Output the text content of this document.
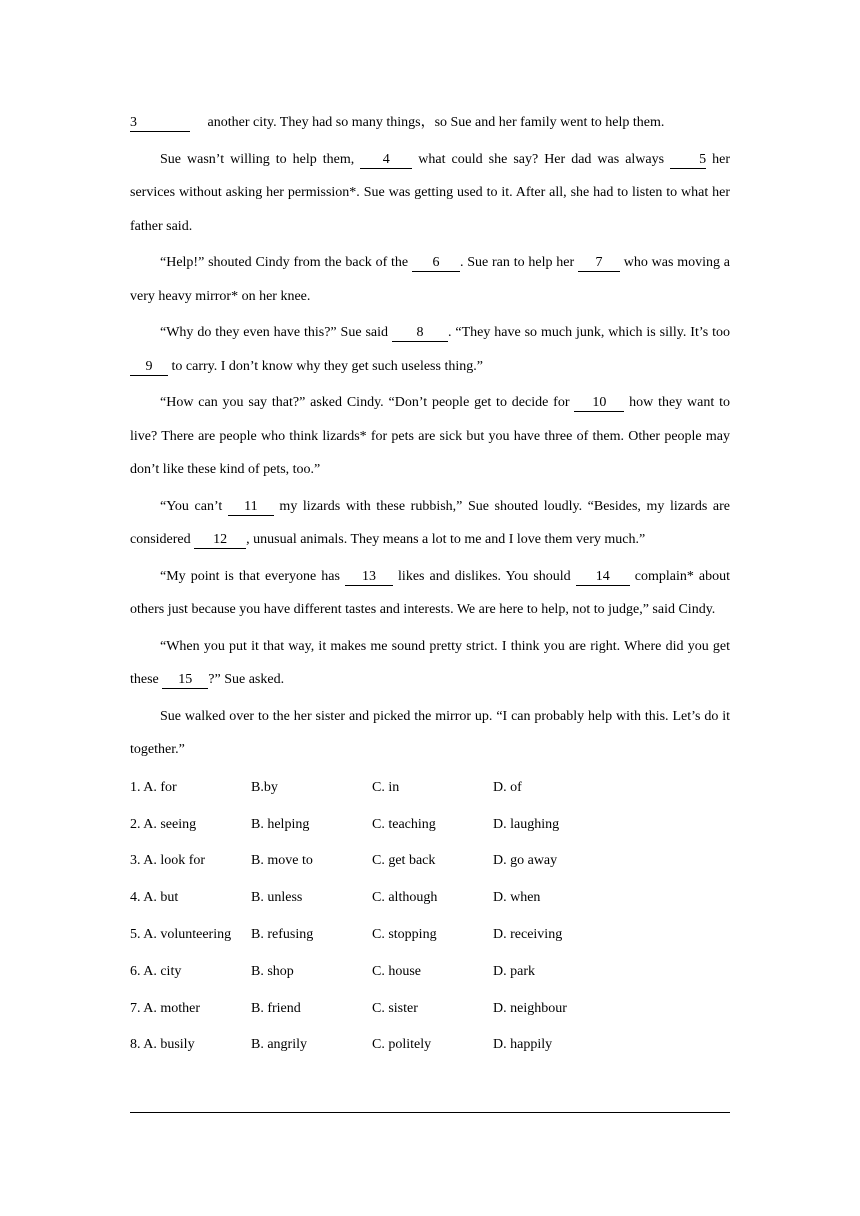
3	another city. They had so many things，so Sue and her family went to help them.

Sue wasn’t willing to help them, 4 what could she say? Her dad was always 5 her services without asking her permission*. Sue was getting used to it. After all, she had to listen to what her father said.

“Help!” shouted Cindy from the back of the 6 . Sue ran to help her 7 who was moving a very heavy mirror* on her knee.

“Why do they even have this?” Sue said 8 . “They have so much junk, which is silly. It’s too 9 to carry. I don’t know why they get such useless thing.”

“How can you say that?” asked Cindy. “Don’t people get to decide for 10 how they want to live? There are people who think lizards* for pets are sick but you have three of them. Other people may don’t like these kind of pets, too.”

“You can’t 11 my lizards with these rubbish,” Sue shouted loudly. “Besides, my lizards are considered 12 , unusual animals. They means a lot to me and I love them very much.”

“My point is that everyone has 13 likes and dislikes. You should 14 complain* about others just because you have different tastes and interests. We are here to help, not to judge,” said Cindy.

“When you put it that way, it makes me sound pretty strict. I think you are right. Where did you get these 15 ?” Sue asked.

Sue walked over to the her sister and picked the mirror up. “I can probably help with this. Let’s do it together.”

1. A. for	B.by	C. in	D. of
2. A. seeing	B. helping	C. teaching	D. laughing
3. A. look for	B. move to	C. get back	D. go away
4. A. but	B. unless	C. although	D. when
5. A. volunteering	B. refusing	C. stopping	D. receiving
6. A. city	B. shop	C. house	D. park
7. A. mother	B. friend	C. sister	D. neighbour
8. A. busily	B. angrily	C. politely	D. happily
